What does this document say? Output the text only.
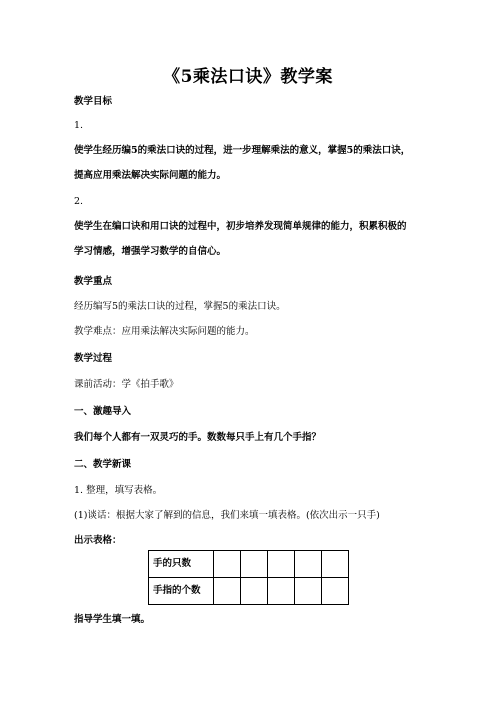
《5乘法口诀》教学案
教学目标
1.
使学生经历编5的乘法口诀的过程，进一步理解乘法的意义，掌握5的乘法口诀，
提高应用乘法解决实际问题的能力。
2.
使学生在编口诀和用口诀的过程中，初步培养发现简单规律的能力，积累积极的
学习情感，增强学习数学的自信心。
教学重点
经历编写5的乘法口诀的过程，掌握5的乘法口诀。
教学难点：应用乘法解决实际问题的能力。
教学过程
课前活动：学《拍手歌》
一、激趣导入
我们每个人都有一双灵巧的手。数数每只手上有几个手指？
二、教学新课
1. 整理，填写表格。
(1)谈话：根据大家了解到的信息，我们来填一填表格。(依次出示一只手)
出示表格：
手的只数					
手指的个数					
指导学生填一填。
